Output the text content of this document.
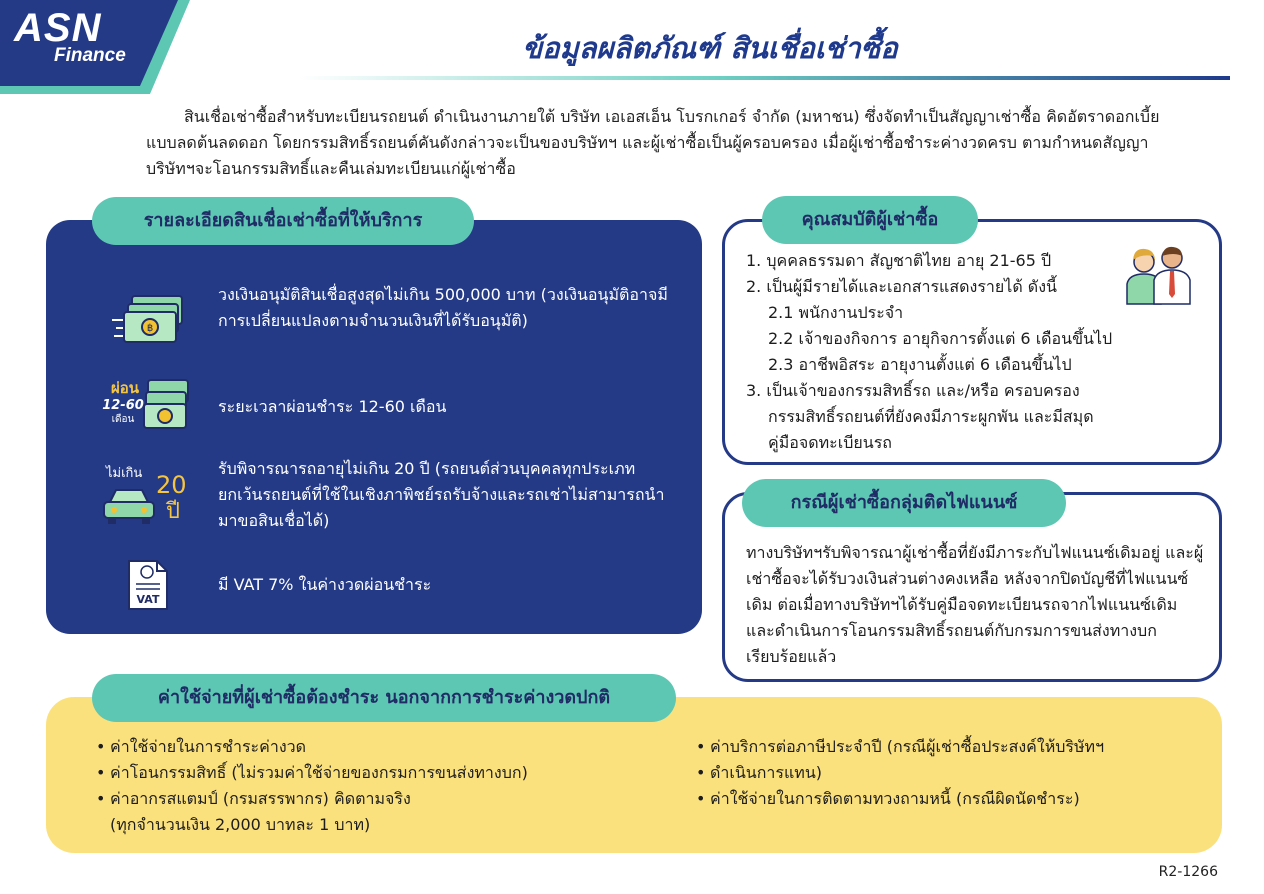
ASN
Finance	ข้อมูลผลิตภัณฑ์ สินเชื่อเช่าซื้อ
สินเชื่อเช่าซื้อสำหรับทะเบียนรถยนต์ ดำเนินงานภายใต้ บริษัท เอเอสเอ็น โบรกเกอร์ จำกัด (มหาชน) ซึ่งจัดทำเป็นสัญญาเช่าซื้อ คิดอัตราดอกเบี้ยแบบลดต้นลดดอก โดยกรรมสิทธิ์รถยนต์คันดังกล่าวจะเป็นของบริษัทฯ และผู้เช่าซื้อเป็นผู้ครอบครอง เมื่อผู้เช่าซื้อชำระค่างวดครบ ตามกำหนดสัญญา บริษัทฯจะโอนกรรมสิทธิ์และคืนเล่มทะเบียนแก่ผู้เช่าซื้อ
รายละเอียดสินเชื่อเช่าซื้อที่ให้บริการ
฿
วงเงินอนุมัติสินเชื่อสูงสุดไม่เกิน 500,000 บาท (วงเงินอนุมัติอาจมีการเปลี่ยนแปลงตามจำนวนเงินที่ได้รับอนุมัติ)
ผ่อน
12-60
เดือน
ระยะเวลาผ่อนชำระ 12-60 เดือน
ไม่เกิน 20
ปี
รับพิจารณารถอายุไม่เกิน 20 ปี (รถยนต์ส่วนบุคคลทุกประเภท ยกเว้นรถยนต์ที่ใช้ในเชิงภาพิชย์รถรับจ้างและรถเช่าไม่สามารถนำมาขอสินเชื่อได้)
VAT
มี VAT 7% ในค่างวดผ่อนชำระ
คุณสมบัติผู้เช่าซื้อ
1. บุคคลธรรมดา สัญชาติไทย อายุ 21-65 ปี
2. เป็นผู้มีรายได้และเอกสารแสดงรายได้ ดังนี้
2.1 พนักงานประจำ
2.2 เจ้าของกิจการ อายุกิจการตั้งแต่ 6 เดือนขึ้นไป
2.3 อาชีพอิสระ อายุงานตั้งแต่ 6 เดือนขึ้นไป
3. เป็นเจ้าของกรรมสิทธิ์รถ และ/หรือ ครอบครอง
กรรมสิทธิ์รถยนต์ที่ยังคงมีภาระผูกพัน และมีสมุด
คู่มือจดทะเบียนรถ
กรณีผู้เช่าซื้อกลุ่มติดไฟแนนซ์
ทางบริษัทฯรับพิจารณาผู้เช่าซื้อที่ยังมีภาระกับไฟแนนซ์เดิมอยู่ และผู้เช่าซื้อจะได้รับวงเงินส่วนต่างคงเหลือ หลังจากปิดบัญชีที่ไฟแนนซ์เดิม ต่อเมื่อทางบริษัทฯได้รับคู่มือจดทะเบียนรถจากไฟแนนซ์เดิม และดำเนินการโอนกรรมสิทธิ์รถยนต์กับกรมการขนส่งทางบกเรียบร้อยแล้ว
ค่าใช้จ่ายที่ผู้เช่าซื้อต้องชำระ นอกจากการชำระค่างวดปกติ
• ค่าใช้จ่ายในการชำระค่างวด
• ค่าโอนกรรมสิทธิ์ (ไม่รวมค่าใช้จ่ายของกรมการขนส่งทางบก)
• ค่าอากรสแตมป์ (กรมสรรพากร) คิดตามจริง
(ทุกจำนวนเงิน 2,000 บาทละ 1 บาท)
• ค่าบริการต่อภาษีประจำปี (กรณีผู้เช่าซื้อประสงค์ให้บริษัทฯ
• ดำเนินการแทน)
• ค่าใช้จ่ายในการติดตามทวงถามหนี้ (กรณีผิดนัดชำระ)
R2-1266
